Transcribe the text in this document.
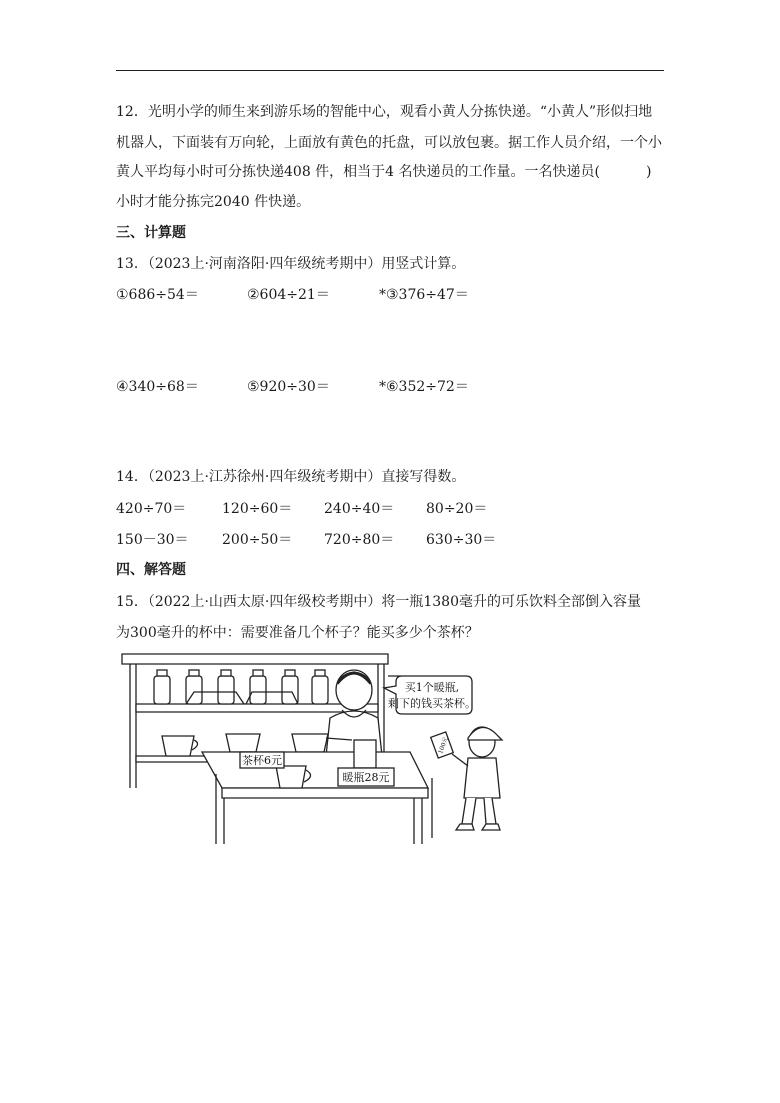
12．光明小学的师生来到游乐场的智能中心，观看小黄人分拣快递。“小黄人”形似扫地
机器人，下面装有万向轮，上面放有黄色的托盘，可以放包裹。据工作人员介绍，一个小
黄人平均每小时可分拣快递408 件，相当于4 名快递员的工作量。一名快递员(	)
小时才能分拣完2040 件快递。
三、计算题
13．（2023上·河南洛阳·四年级统考期中）用竖式计算。
①686÷54＝	②604÷21＝	*③376÷47＝
④340÷68＝	⑤920÷30＝	*⑥352÷72＝
14．（2023上·江苏徐州·四年级统考期中）直接写得数。
420÷70＝	120÷60＝ 240÷40＝ 80÷20＝
150－30＝ 200÷50＝ 720÷80＝ 630÷30＝
四、解答题
15．（2022上·山西太原·四年级校考期中）将一瓶1380毫升的可乐饮料全部倒入容量
为300毫升的杯中：需要准备几个杯子？能买多少个茶杯？
茶杯6元
暖瓶28元
买1个暖瓶,
剩下的钱买茶杯。
100元
